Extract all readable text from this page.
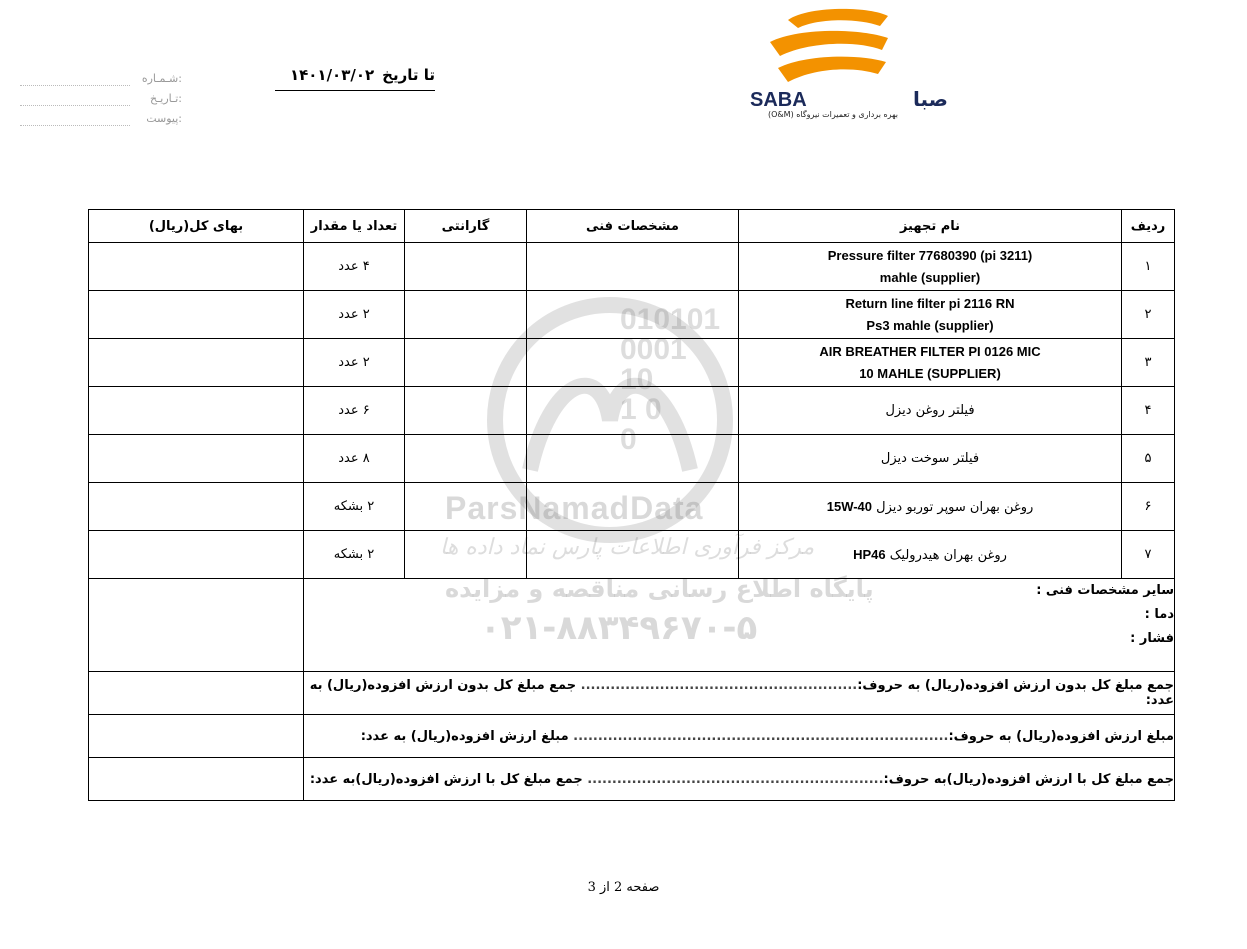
شـمـاره:
تـاریـخ:
پیوست:
تا تاریخ۱۴۰۱/۰۳/۰۲
SABA	صبا
بهره برداری و تعمیرات نیروگاه (O&M)
010101
0001
10
1 0
0
ParsNamadData
مرکز فرآوری اطلاعات پارس نماد داده ها
پایگاه اطلاع رسانی مناقصه و مزایده
۰۲۱-۸۸۳۴۹۶۷۰-۵
ردیف	نام تجهیز	مشخصات فنی	گارانتی	تعداد یا مقدار	بهای کل(ریال)
۱	Pressure filter 77680390 (pi 3211)
mahle (supplier)			۴ عدد	
۲	Return line filter pi 2116 RN
Ps3 mahle (supplier)			۲ عدد	
۳	AIR BREATHER FILTER PI 0126 MIC
10 MAHLE (SUPPLIER)			۲ عدد	
۴	فیلتر روغن دیزل			۶ عدد	
۵	فیلتر سوخت دیزل			۸ عدد	
۶	روغن بهران سوپر توربو دیزل 15W-40			۲ بشکه	
۷	روغن بهران هیدرولیک HP46			۲ بشکه	

سایر مشخصات فنی :
دما :
فشار :					

جمع مبلغ کل بدون ارزش افزوده(ریال) به حروف:........................................................ جمع مبلغ کل بدون ارزش افزوده(ریال) به عدد:					
مبلغ ارزش افزوده(ریال) به حروف:............................................................................ مبلغ ارزش افزوده(ریال) به عدد:					
جمع مبلغ کل با ارزش افزوده(ریال)به حروف:............................................................ جمع مبلغ کل با ارزش افزوده(ریال)به عدد:					
صفحه 2 از 3
